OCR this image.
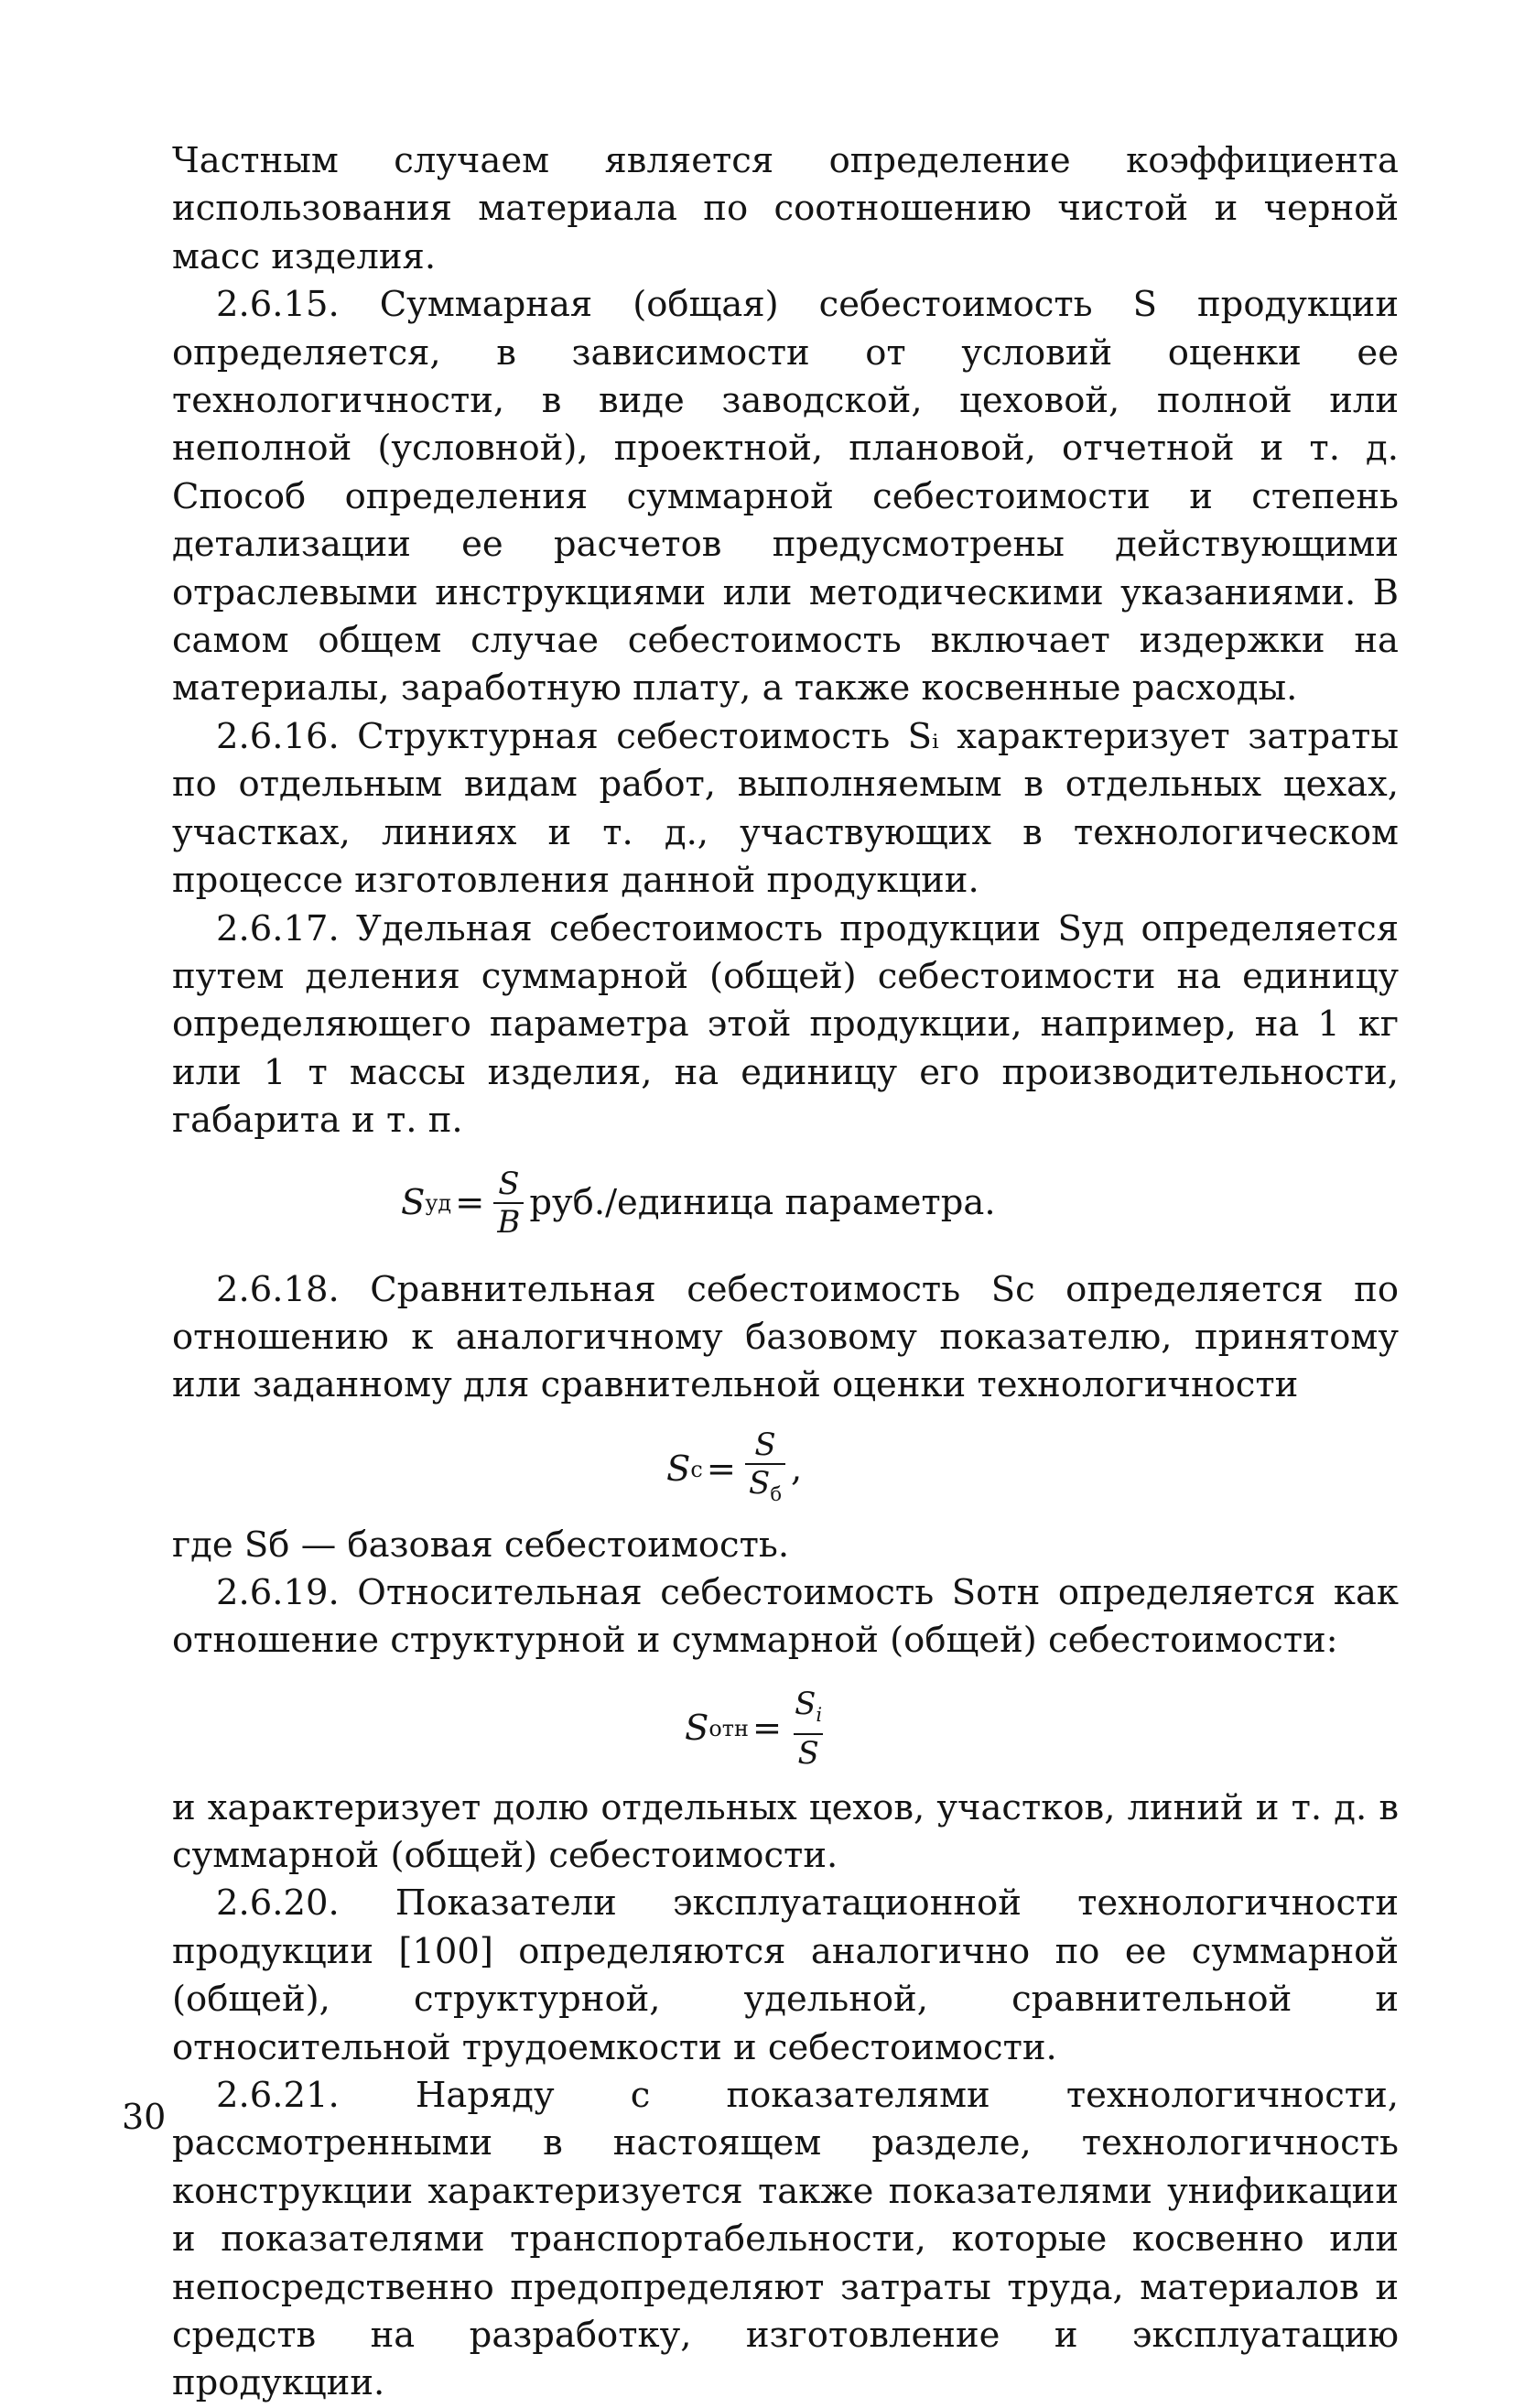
Частным случаем является определение коэффициента использования материала по соотношению чистой и черной масс изделия.

2.6.15. Суммарная (общая) себестоимость S продукции определяется, в зависимости от условий оценки ее технологичности, в виде заводской, цеховой, полной или неполной (условной), проектной, плановой, отчетной и т. д. Способ определения суммарной себестоимости и степень детализации ее расчетов предусмотрены действующими отраслевыми инструкциями или методическими указаниями. В самом общем случае себестоимость включает издержки на материалы, заработную плату, а также косвенные расходы.

2.6.16. Структурная себестоимость Sᵢ характеризует затраты по отдельным видам работ, выполняемым в отдельных цехах, участках, линиях и т. д., участвующих в технологическом процессе изготовления данной продукции.

2.6.17. Удельная себестоимость продукции Sуд определяется путем деления суммарной (общей) себестоимости на единицу определяющего параметра этой продукции, например, на 1 кг или 1 т массы изделия, на единицу его производительности, габарита и т. п.

S уд = $\frac{S}{B}$ руб./единица параметра.

2.6.18. Сравнительная себестоимость Sс определяется по отношению к аналогичному базовому показателю, принятому или заданному для сравнительной оценки технологичности

S $с = \frac{S}{S_б}$ ,

где Sб — базовая себестоимость.

2.6.19. Относительная себестоимость Sотн определяется как отношение структурной и суммарной (общей) себестоимости:

S отн = $\frac{S_i}{S}$

и характеризует долю отдельных цехов, участков, линий и т. д. в суммарной (общей) себестоимости.

2.6.20. Показатели эксплуатационной технологичности продукции [100] определяются аналогично по ее суммарной (общей), структурной, удельной, сравнительной и относительной трудоемкости и себестоимости.

2.6.21. Наряду с показателями технологичности, рассмотренными в настоящем разделе, технологичность конструкции характеризуется также показателями унификации и показателями транспортабельности, которые косвенно или непосредственно предопределяют затраты труда, материалов и средств на разработку, изготовление и эксплуатацию продукции.

30
